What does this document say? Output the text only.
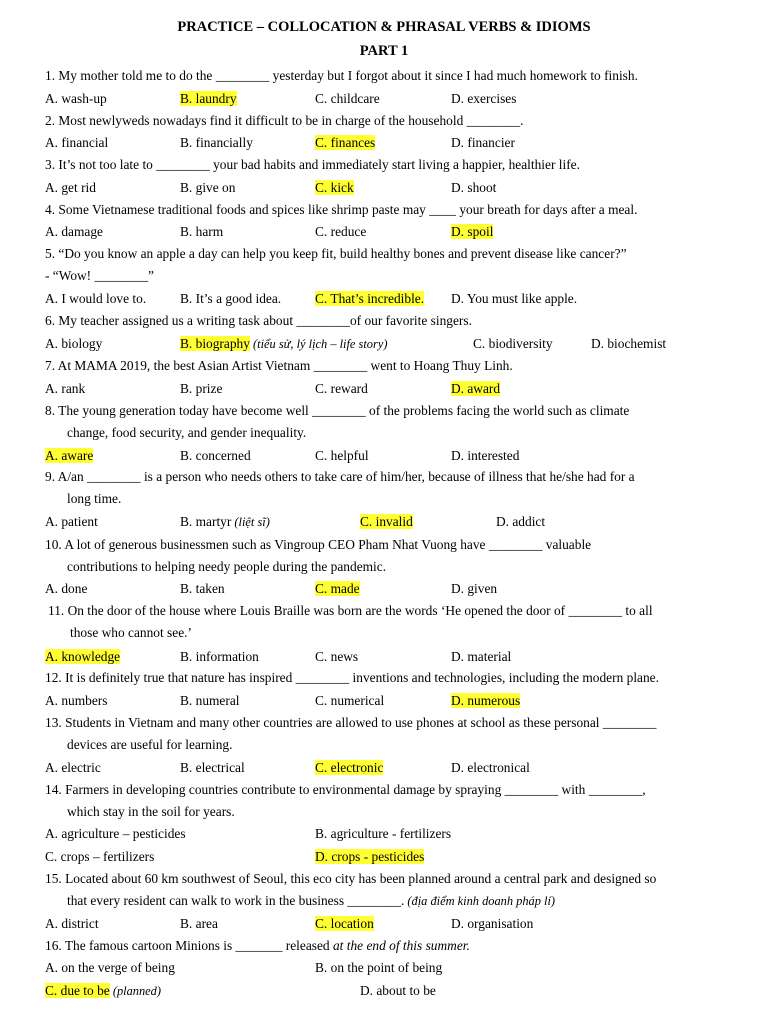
PRACTICE – COLLOCATION & PHRASAL VERBS & IDIOMS
PART 1
1. My mother told me to do the ________ yesterday but I forgot about it since I had much homework to finish.
A. wash-up	B. laundry	C. childcare	D. exercises
2. Most newlyweds nowadays find it difficult to be in charge of the household ________.
A. financial	B. financially	C. finances	D. financier
3. It’s not too late to ________ your bad habits and immediately start living a happier, healthier life.
A. get rid	B. give on	C. kick	D. shoot
4. Some Vietnamese traditional foods and spices like shrimp paste may ____ your breath for days after a meal.
A. damage	B. harm	C. reduce	D. spoil
5. “Do you know an apple a day can help you keep fit, build healthy bones and prevent disease like cancer?”
- “Wow! ________”
A. I would love to.	B. It’s a good idea.	C. That’s incredible. D. You must like apple.
6. My teacher assigned us a writing task about ________of our favorite singers.
A. biology	B. biography (tiểu sử, lý lịch – life story)	C. biodiversity	D. biochemist
7. At MAMA 2019, the best Asian Artist Vietnam ________ went to Hoang Thuy Linh.
A. rank	B. prize	C. reward	D. award
8. The young generation today have become well ________ of the problems facing the world such as climate
change, food security, and gender inequality.
A. aware	B. concerned	C. helpful	D. interested
9. A/an ________ is a person who needs others to take care of him/her, because of illness that he/she had for a
long time.
A. patient	B. martyr (liệt sĩ)	C. invalid	D. addict
10. A lot of generous businessmen such as Vingroup CEO Pham Nhat Vuong have ________ valuable
contributions to helping needy people during the pandemic.
A. done	B. taken	C. made	D. given
11. On the door of the house where Louis Braille was born are the words ‘He opened the door of ________ to all
those who cannot see.’
A. knowledge	B. information	C. news	D. material
12. It is definitely true that nature has inspired ________ inventions and technologies, including the modern plane.
A. numbers	B. numeral	C. numerical	D. numerous
13. Students in Vietnam and many other countries are allowed to use phones at school as these personal ________
devices are useful for learning.
A. electric	B. electrical	C. electronic	D. electronical
14. Farmers in developing countries contribute to environmental damage by spraying ________ with ________,
which stay in the soil for years.
A. agriculture – pesticides	B. agriculture - fertilizers
C. crops – fertilizers	D. crops - pesticides
15. Located about 60 km southwest of Seoul, this eco city has been planned around a central park and designed so
that every resident can walk to work in the business ________. (địa điểm kinh doanh pháp lí)
A. district	B. area	C. location	D. organisation
16. The famous cartoon Minions is _______ released at the end of this summer.
A. on the verge of being	B. on the point of being
C. due to be (planned)	D. about to be
